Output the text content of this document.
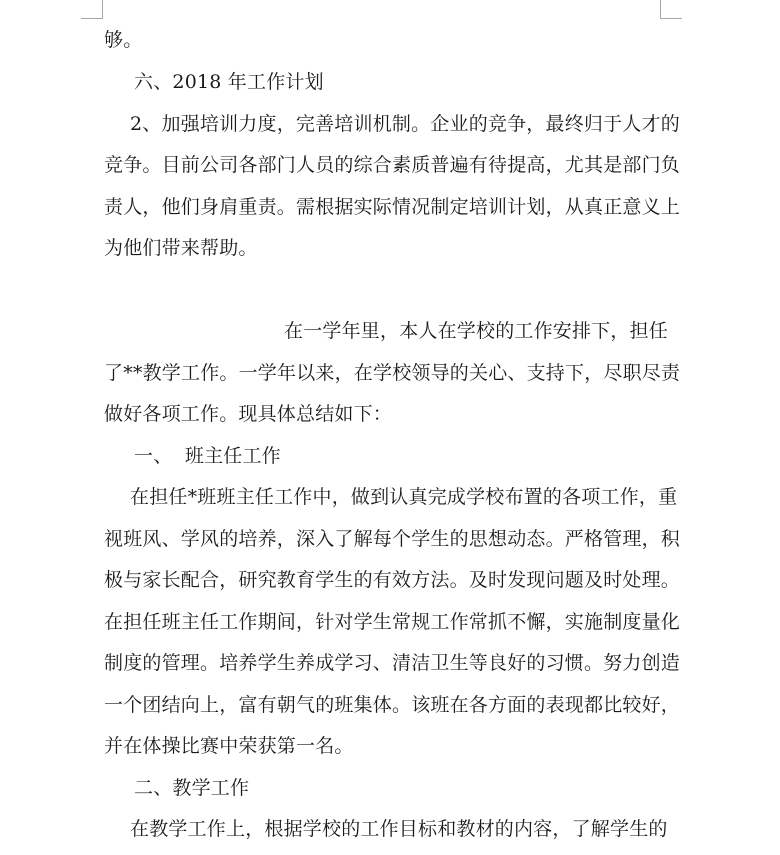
够。
六、2018 年工作计划
2、加强培训力度，完善培训机制。企业的竞争，最终归于人才的
竞争。目前公司各部门人员的综合素质普遍有待提高，尤其是部门负
责人，他们身肩重责。需根据实际情况制定培训计划，从真正意义上
为他们带来帮助。
在一学年里，本人在学校的工作安排下，担任
了**教学工作。一学年以来，在学校领导的关心、支持下，尽职尽责
做好各项工作。现具体总结如下：
一、  班主任工作
在担任*班班主任工作中，做到认真完成学校布置的各项工作，重
视班风、学风的培养，深入了解每个学生的思想动态。严格管理，积
极与家长配合，研究教育学生的有效方法。及时发现问题及时处理。
在担任班主任工作期间，针对学生常规工作常抓不懈，实施制度量化
制度的管理。培养学生养成学习、清洁卫生等良好的习惯。努力创造
一个团结向上，富有朝气的班集体。该班在各方面的表现都比较好，
并在体操比赛中荣获第一名。
二、教学工作
在教学工作上，根据学校的工作目标和教材的内容，了解学生的
